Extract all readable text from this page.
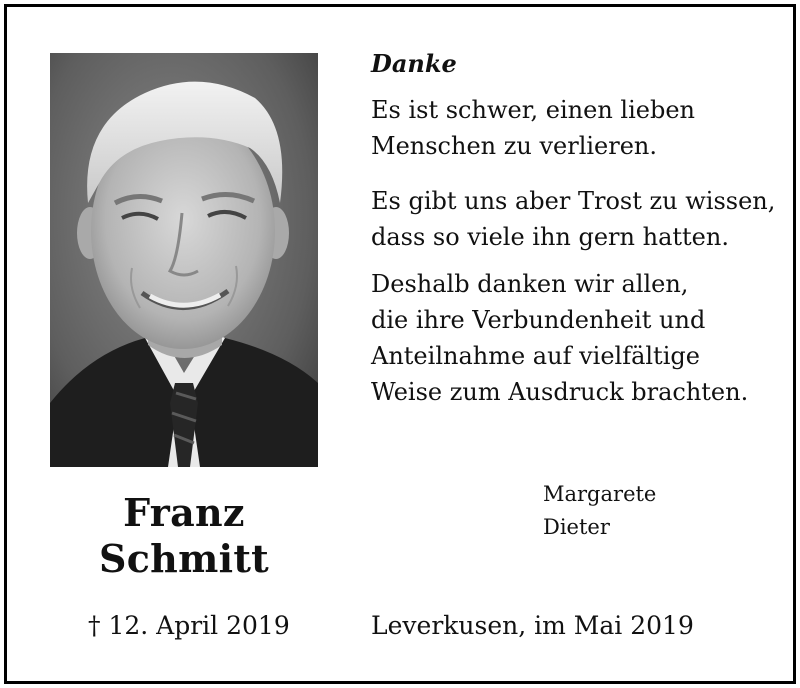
Franz
Schmitt
† 12. April 2019
Danke

Es ist schwer, einen lieben
Menschen zu verlieren.

Es gibt uns aber Trost zu wissen,
dass so viele ihn gern hatten.

Deshalb danken wir allen,
die ihre Verbundenheit und
Anteilnahme auf vielfältige
Weise zum Ausdruck brachten.

Margarete
Dieter
Leverkusen, im Mai 2019
